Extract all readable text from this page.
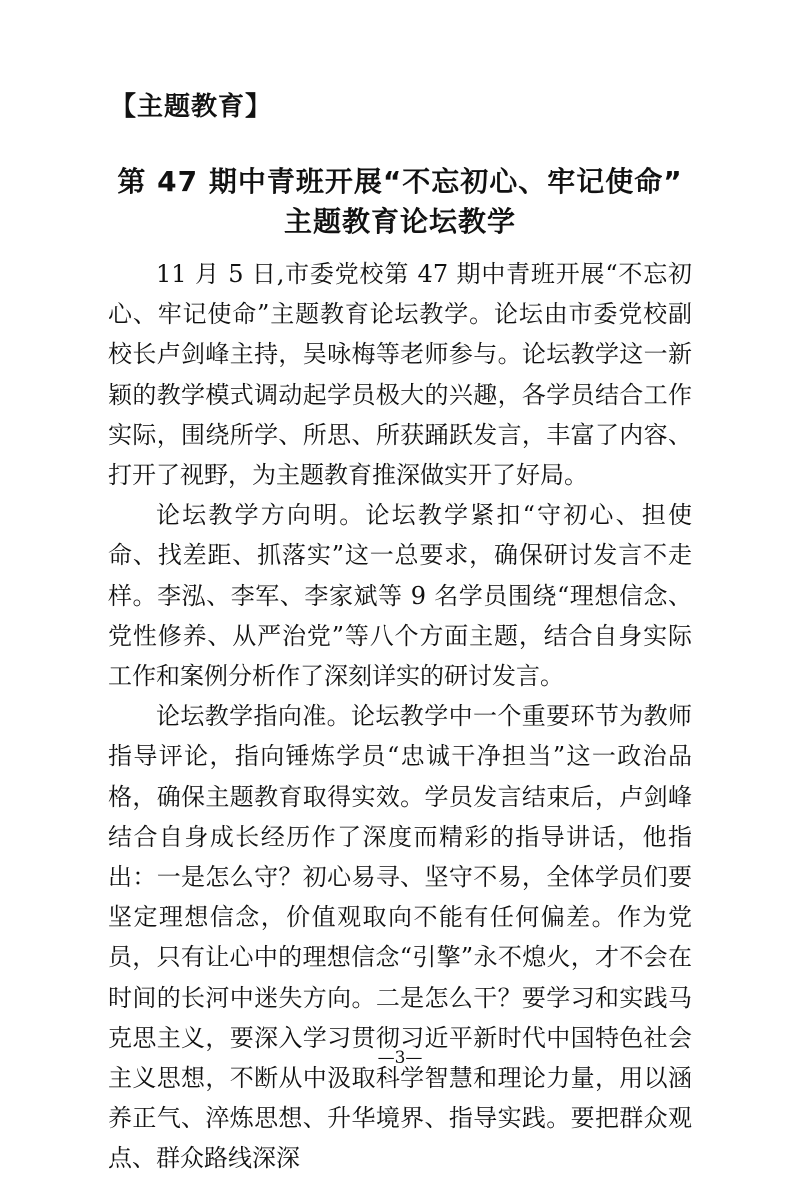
【主题教育】
第 47 期中青班开展“不忘初心、牢记使命”
主题教育论坛教学

11 月 5 日,市委党校第 47 期中青班开展“不忘初心、牢记使命”主题教育论坛教学。论坛由市委党校副校长卢剑峰主持，吴咏梅等老师参与。论坛教学这一新颖的教学模式调动起学员极大的兴趣，各学员结合工作实际，围绕所学、所思、所获踊跃发言，丰富了内容、打开了视野，为主题教育推深做实开了好局。

论坛教学方向明。论坛教学紧扣“守初心、担使命、找差距、抓落实”这一总要求，确保研讨发言不走样。李泓、李军、李家斌等 9 名学员围绕“理想信念、党性修养、从严治党”等八个方面主题，结合自身实际工作和案例分析作了深刻详实的研讨发言。

论坛教学指向准。论坛教学中一个重要环节为教师指导评论，指向锤炼学员“忠诚干净担当”这一政治品格，确保主题教育取得实效。学员发言结束后，卢剑峰结合自身成长经历作了深度而精彩的指导讲话，他指出：一是怎么守？初心易寻、坚守不易，全体学员们要坚定理想信念，价值观取向不能有任何偏差。作为党员，只有让心中的理想信念“引擎”永不熄火，才不会在时间的长河中迷失方向。二是怎么干？要学习和实践马克思主义，要深入学习贯彻习近平新时代中国特色社会主义思想，不断从中汲取科学智慧和理论力量，用以涵养正气、淬炼思想、升华境界、指导实践。要把群众观点、群众路线深深

—3—
